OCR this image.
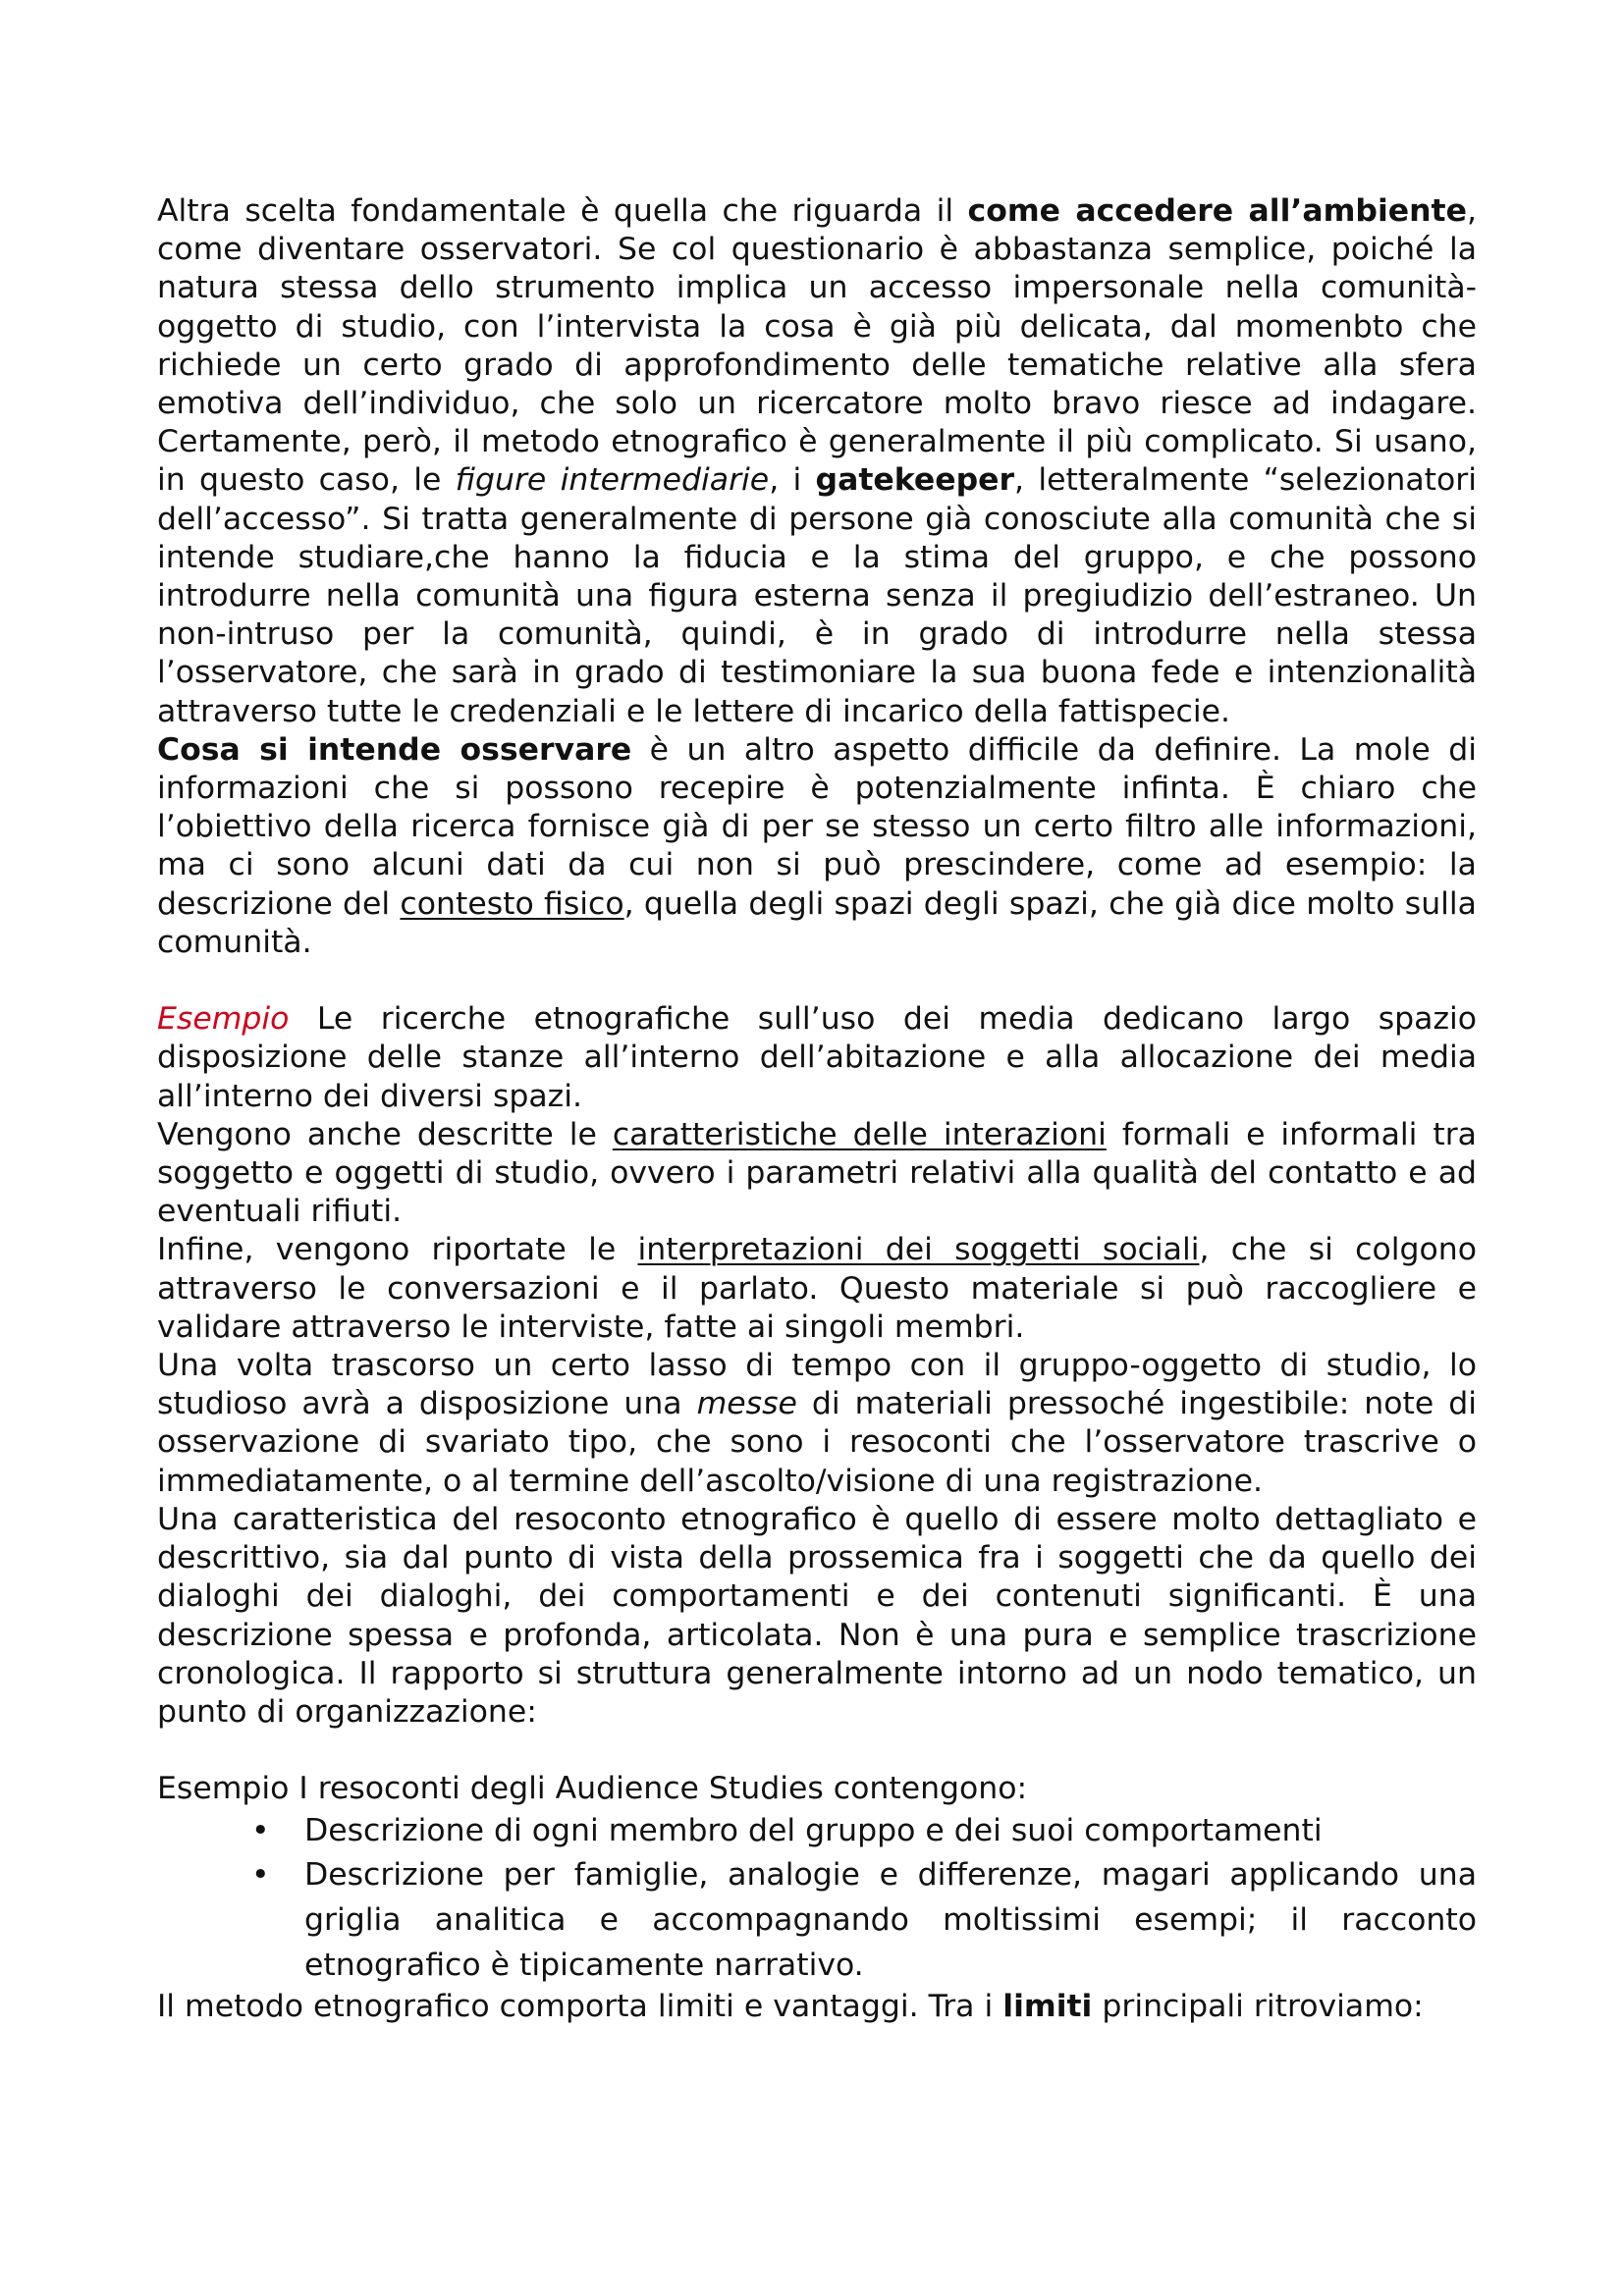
Altra scelta fondamentale è quella che riguarda il come accedere all’ambiente, come diventare osservatori. Se col questionario è abbastanza semplice, poiché la natura stessa dello strumento implica un accesso impersonale nella comunità-oggetto di studio, con l’intervista la cosa è già più delicata, dal momenbto che richiede un certo grado di approfondimento delle tematiche relative alla sfera emotiva dell’individuo, che solo un ricercatore molto bravo riesce ad indagare. Certamente, però, il metodo etnografico è generalmente il più complicato. Si usano, in questo caso, le figure intermediarie, i gatekeeper, letteralmente “selezionatori dell’accesso”. Si tratta generalmente di persone già conosciute alla comunità che si intende studiare,che hanno la fiducia e la stima del gruppo, e che possono introdurre nella comunità una figura esterna senza il pregiudizio dell’estraneo. Un non-intruso per la comunità, quindi, è in grado di introdurre nella stessa l’osservatore, che sarà in grado di testimoniare la sua buona fede e intenzionalità attraverso tutte le credenziali e le lettere di incarico della fattispecie.

Cosa si intende osservare è un altro aspetto difficile da definire. La mole di informazioni che si possono recepire è potenzialmente infinta. È chiaro che l’obiettivo della ricerca fornisce già di per se stesso un certo filtro alle informazioni, ma ci sono alcuni dati da cui non si può prescindere, come ad esempio: la descrizione del contesto fisico, quella degli spazi degli spazi, che già dice molto sulla comunità.

Esempio Le ricerche etnografiche sull’uso dei media dedicano largo spazio disposizione delle stanze all’interno dell’abitazione e alla allocazione dei media all’interno dei diversi spazi.

Vengono anche descritte le caratteristiche delle interazioni formali e informali tra soggetto e oggetti di studio, ovvero i parametri relativi alla qualità del contatto e ad eventuali rifiuti.

Infine, vengono riportate le interpretazioni dei soggetti sociali, che si colgono attraverso le conversazioni e il parlato. Questo materiale si può raccogliere e validare attraverso le interviste, fatte ai singoli membri.

Una volta trascorso un certo lasso di tempo con il gruppo-oggetto di studio, lo studioso avrà a disposizione una messe di materiali pressoché ingestibile: note di osservazione di svariato tipo, che sono i resoconti che l’osservatore trascrive o immediatamente, o al termine dell’ascolto/visione di una registrazione.

Una caratteristica del resoconto etnografico è quello di essere molto dettagliato e descrittivo, sia dal punto di vista della prossemica fra i soggetti che da quello dei dialoghi dei dialoghi, dei comportamenti e dei contenuti significanti. È una descrizione spessa e profonda, articolata. Non è una pura e semplice trascrizione cronologica. Il rapporto si struttura generalmente intorno ad un nodo tematico, un punto di organizzazione:

Esempio I resoconti degli Audience Studies contengono:

• Descrizione di ogni membro del gruppo e dei suoi comportamenti
• Descrizione per famiglie, analogie e differenze, magari applicando una griglia analitica e accompagnando moltissimi esempi; il racconto etnografico è tipicamente narrativo.

Il metodo etnografico comporta limiti e vantaggi. Tra i limiti principali ritroviamo:
